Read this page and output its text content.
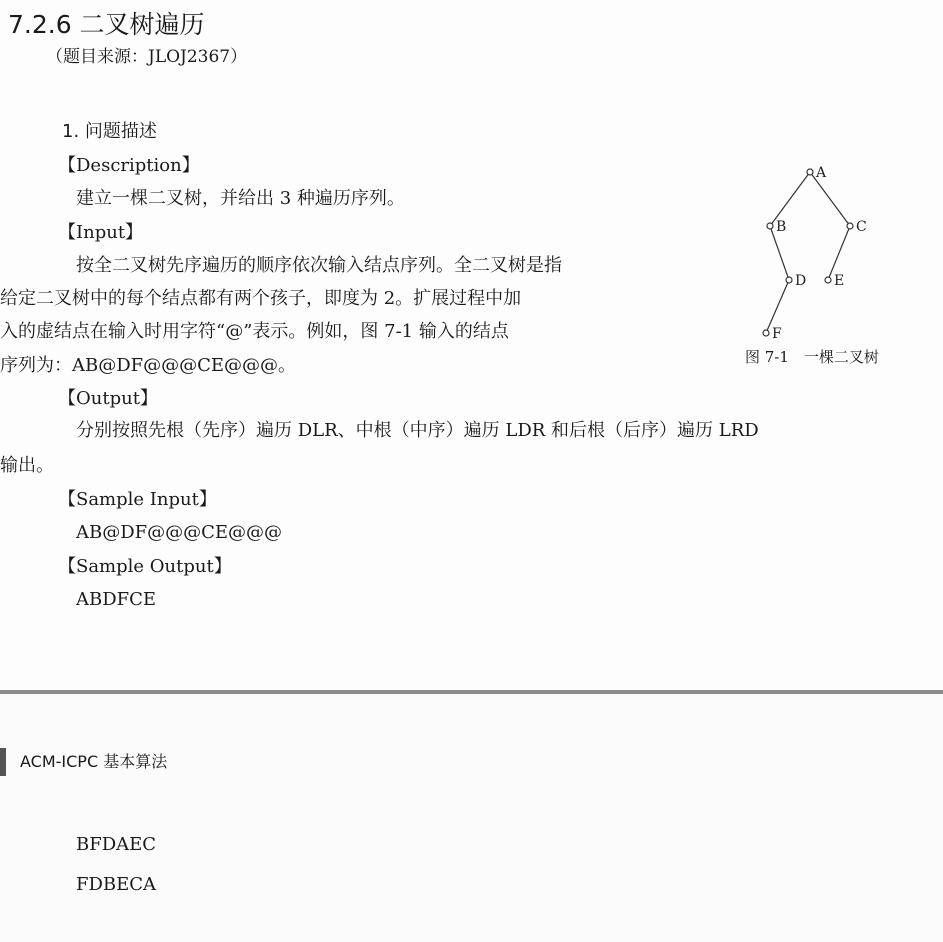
7.2.6 二叉树遍历
（题目来源：JLOJ2367）
1. 问题描述
【Description】
建立一棵二叉树，并给出 3 种遍历序列。
【Input】
按全二叉树先序遍历的顺序依次输入结点序列。全二叉树是指
给定二叉树中的每个结点都有两个孩子，即度为 2。扩展过程中加
入的虚结点在输入时用字符“@”表示。例如，图 7-1 输入的结点
序列为：AB@DF@@@CE@@@。
【Output】
分别按照先根（先序）遍历 DLR、中根（中序）遍历 LDR 和后根（后序）遍历 LRD
输出。
【Sample Input】
AB@DF@@@CE@@@
【Sample Output】
ABDFCE
A
B	C
D E
F
图 7-1　一棵二叉树
ACM-ICPC 基本算法
BFDAEC
FDBECA
